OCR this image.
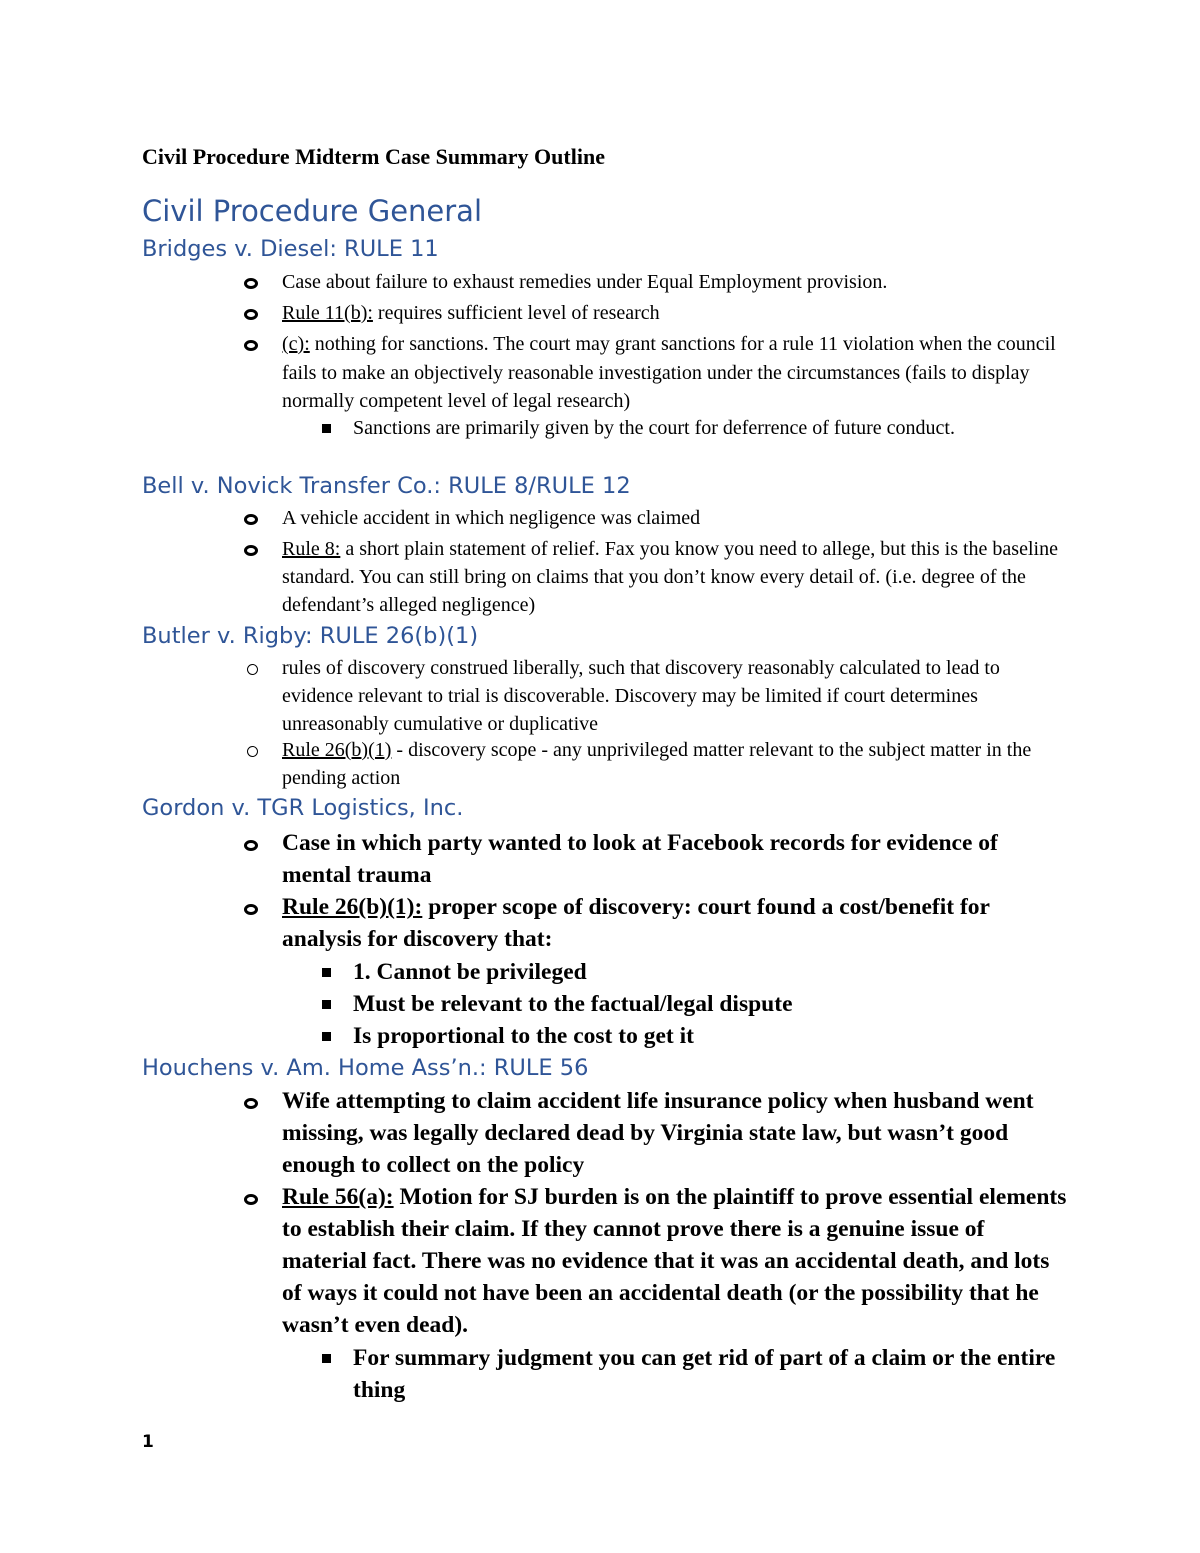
Civil Procedure Midterm Case Summary Outline
Civil Procedure General
Bridges v. Diesel: RULE 11

Case about failure to exhaust remedies under Equal Employment provision.

Rule 11(b): requires sufficient level of research

(c): nothing for sanctions. The court may grant sanctions for a rule 11 violation when the council fails to make an objectively reasonable investigation under the circumstances (fails to display normally competent level of legal research)

Sanctions are primarily given by the court for deferrence of future conduct.

Bell v. Novick Transfer Co.: RULE 8/RULE 12

A vehicle accident in which negligence was claimed

Rule 8: a short plain statement of relief. Fax you know you need to allege, but this is the baseline standard. You can still bring on claims that you don’t know every detail of. (i.e. degree of the defendant’s alleged negligence)

Butler v. Rigby: RULE 26(b)(1)

rules of discovery construed liberally, such that discovery reasonably calculated to lead to evidence relevant to trial is discoverable. Discovery may be limited if court determines unreasonably cumulative or duplicative

Rule 26(b)(1) - discovery scope - any unprivileged matter relevant to the subject matter in the pending action

Gordon v. TGR Logistics, Inc.

Case in which party wanted to look at Facebook records for evidence of mental trauma

Rule 26(b)(1): proper scope of discovery: court found a cost/benefit for analysis for discovery that:

1. Cannot be privileged

Must be relevant to the factual/legal dispute

Is proportional to the cost to get it

Houchens v. Am. Home Ass’n.: RULE 56

Wife attempting to claim accident life insurance policy when husband went missing, was legally declared dead by Virginia state law, but wasn’t good enough to collect on the policy

Rule 56(a): Motion for SJ burden is on the plaintiff to prove essential elements to establish their claim. If they cannot prove there is a genuine issue of material fact. There was no evidence that it was an accidental death, and lots of ways it could not have been an accidental death (or the possibility that he wasn’t even dead).

For summary judgment you can get rid of part of a claim or the entire thing

1
